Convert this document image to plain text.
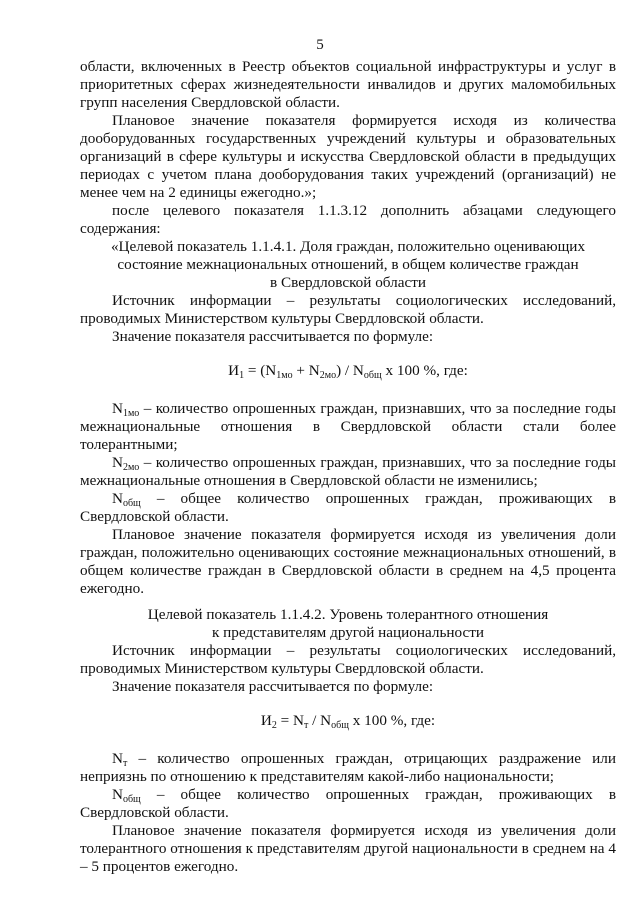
5

области, включенных в Реестр объектов социальной инфраструктуры и услуг в приоритетных сферах жизнедеятельности инвалидов и других маломобильных групп населения Свердловской области.

Плановое значение показателя формируется исходя из количества дооборудованных государственных учреждений культуры и образовательных организаций в сфере культуры и искусства Свердловской области в предыдущих периодах с учетом плана дооборудования таких учреждений (организаций) не менее чем на 2 единицы ежегодно.»;

после целевого показателя 1.1.3.12 дополнить абзацами следующего содержания:

«Целевой показатель 1.1.4.1. Доля граждан, положительно оценивающих

состояние межнациональных отношений, в общем количестве граждан

в Свердловской области

Источник информации – результаты социологических исследований, проводимых Министерством культуры Свердловской области.

Значение показателя рассчитывается по формуле:

$И_1 = (N_{1мо} + N_{2мо}) / N_{общ}$ х 100 %, где:

$N_{1мо}$ – количество опрошенных граждан, признавших, что за последние годы межнациональные отношения в Свердловской области стали более толерантными;

$N_{2мо}$ – количество опрошенных граждан, признавших, что за последние годы межнациональные отношения в Свердловской области не изменились;

$N_{общ}$ – общее количество опрошенных граждан, проживающих в Свердловской области.

Плановое значение показателя формируется исходя из увеличения доли граждан, положительно оценивающих состояние межнациональных отношений, в общем количестве граждан в Свердловской области в среднем на 4,5 процента ежегодно.

Целевой показатель 1.1.4.2. Уровень толерантного отношения

к представителям другой национальности

Источник информации – результаты социологических исследований, проводимых Министерством культуры Свердловской области.

Значение показателя рассчитывается по формуле:

$И_2 = N_т / N_{общ}$ х 100 %, где:

$N_т$ – количество опрошенных граждан, отрицающих раздражение или неприязнь по отношению к представителям какой-либо национальности;

$N_{общ}$ – общее количество опрошенных граждан, проживающих в Свердловской области.

Плановое значение показателя формируется исходя из увеличения доли толерантного отношения к представителям другой национальности в среднем на 4 – 5 процентов ежегодно.
